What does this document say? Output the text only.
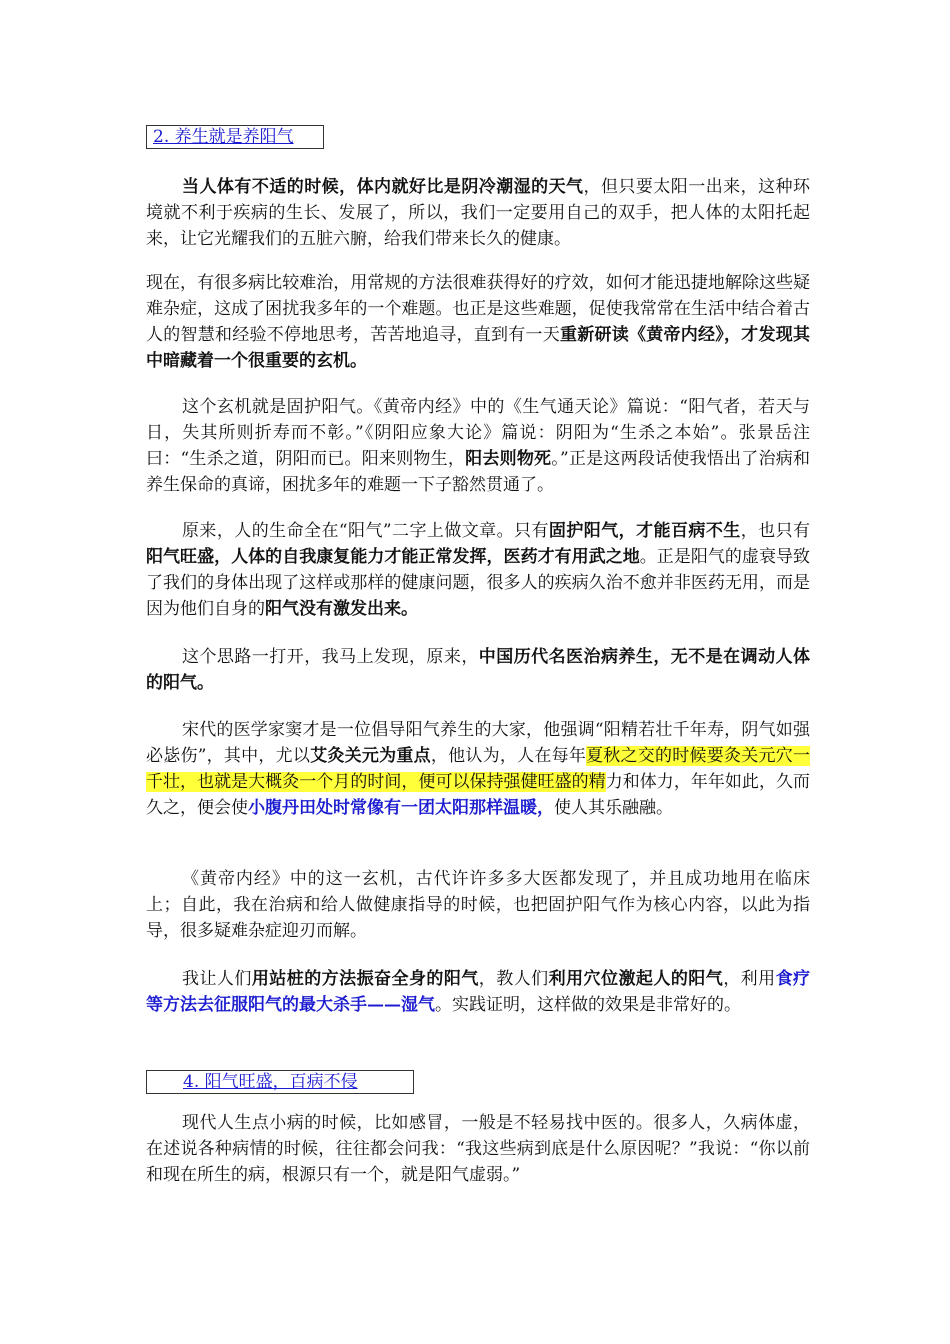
2. 养生就是养阳气

当人体有不适的时候，体内就好比是阴冷潮湿的天气，但只要太阳一出来，这种环境就不利于疾病的生长、发展了，所以，我们一定要用自己的双手，把人体的太阳托起来，让它光耀我们的五脏六腑，给我们带来长久的健康。

现在，有很多病比较难治，用常规的方法很难获得好的疗效，如何才能迅捷地解除这些疑难杂症，这成了困扰我多年的一个难题。也正是这些难题，促使我常常在生活中结合着古人的智慧和经验不停地思考，苦苦地追寻，直到有一天重新研读《黄帝内经》，才发现其中暗藏着一个很重要的玄机。

这个玄机就是固护阳气。《黄帝内经》中的《生气通天论》篇说：“阳气者，若天与日，失其所则折寿而不彰。”《阴阳应象大论》篇说：阴阳为“生杀之本始”。张景岳注曰：“生杀之道，阴阳而已。阳来则物生，阳去则物死。”正是这两段话使我悟出了治病和养生保命的真谛，困扰多年的难题一下子豁然贯通了。

原来，人的生命全在“阳气”二字上做文章。只有固护阳气，才能百病不生，也只有阳气旺盛，人体的自我康复能力才能正常发挥，医药才有用武之地。正是阳气的虚衰导致了我们的身体出现了这样或那样的健康问题，很多人的疾病久治不愈并非医药无用，而是因为他们自身的阳气没有激发出来。

这个思路一打开，我马上发现，原来，中国历代名医治病养生，无不是在调动人体的阳气。

宋代的医学家窦才是一位倡导阳气养生的大家，他强调“阳精若壮千年寿，阴气如强必毖伤”，其中，尤以艾灸关元为重点，他认为，人在每年夏秋之交的时候要灸关元穴一千壮，也就是大概灸一个月的时间，便可以保持强健旺盛的精力和体力，年年如此，久而久之，便会使小腹丹田处时常像有一团太阳那样温暖，使人其乐融融。

《黄帝内经》中的这一玄机，古代许许多多大医都发现了，并且成功地用在临床上；自此，我在治病和给人做健康指导的时候，也把固护阳气作为核心内容，以此为指导，很多疑难杂症迎刃而解。

我让人们用站桩的方法振奋全身的阳气，教人们利用穴位激起人的阳气，利用食疗等方法去征服阳气的最大杀手——湿气。实践证明，这样做的效果是非常好的。

4. 阳气旺盛，百病不侵

现代人生点小病的时候，比如感冒，一般是不轻易找中医的。很多人，久病体虚，在述说各种病情的时候，往往都会问我：“我这些病到底是什么原因呢？”我说：“你以前和现在所生的病，根源只有一个，就是阳气虚弱。”
